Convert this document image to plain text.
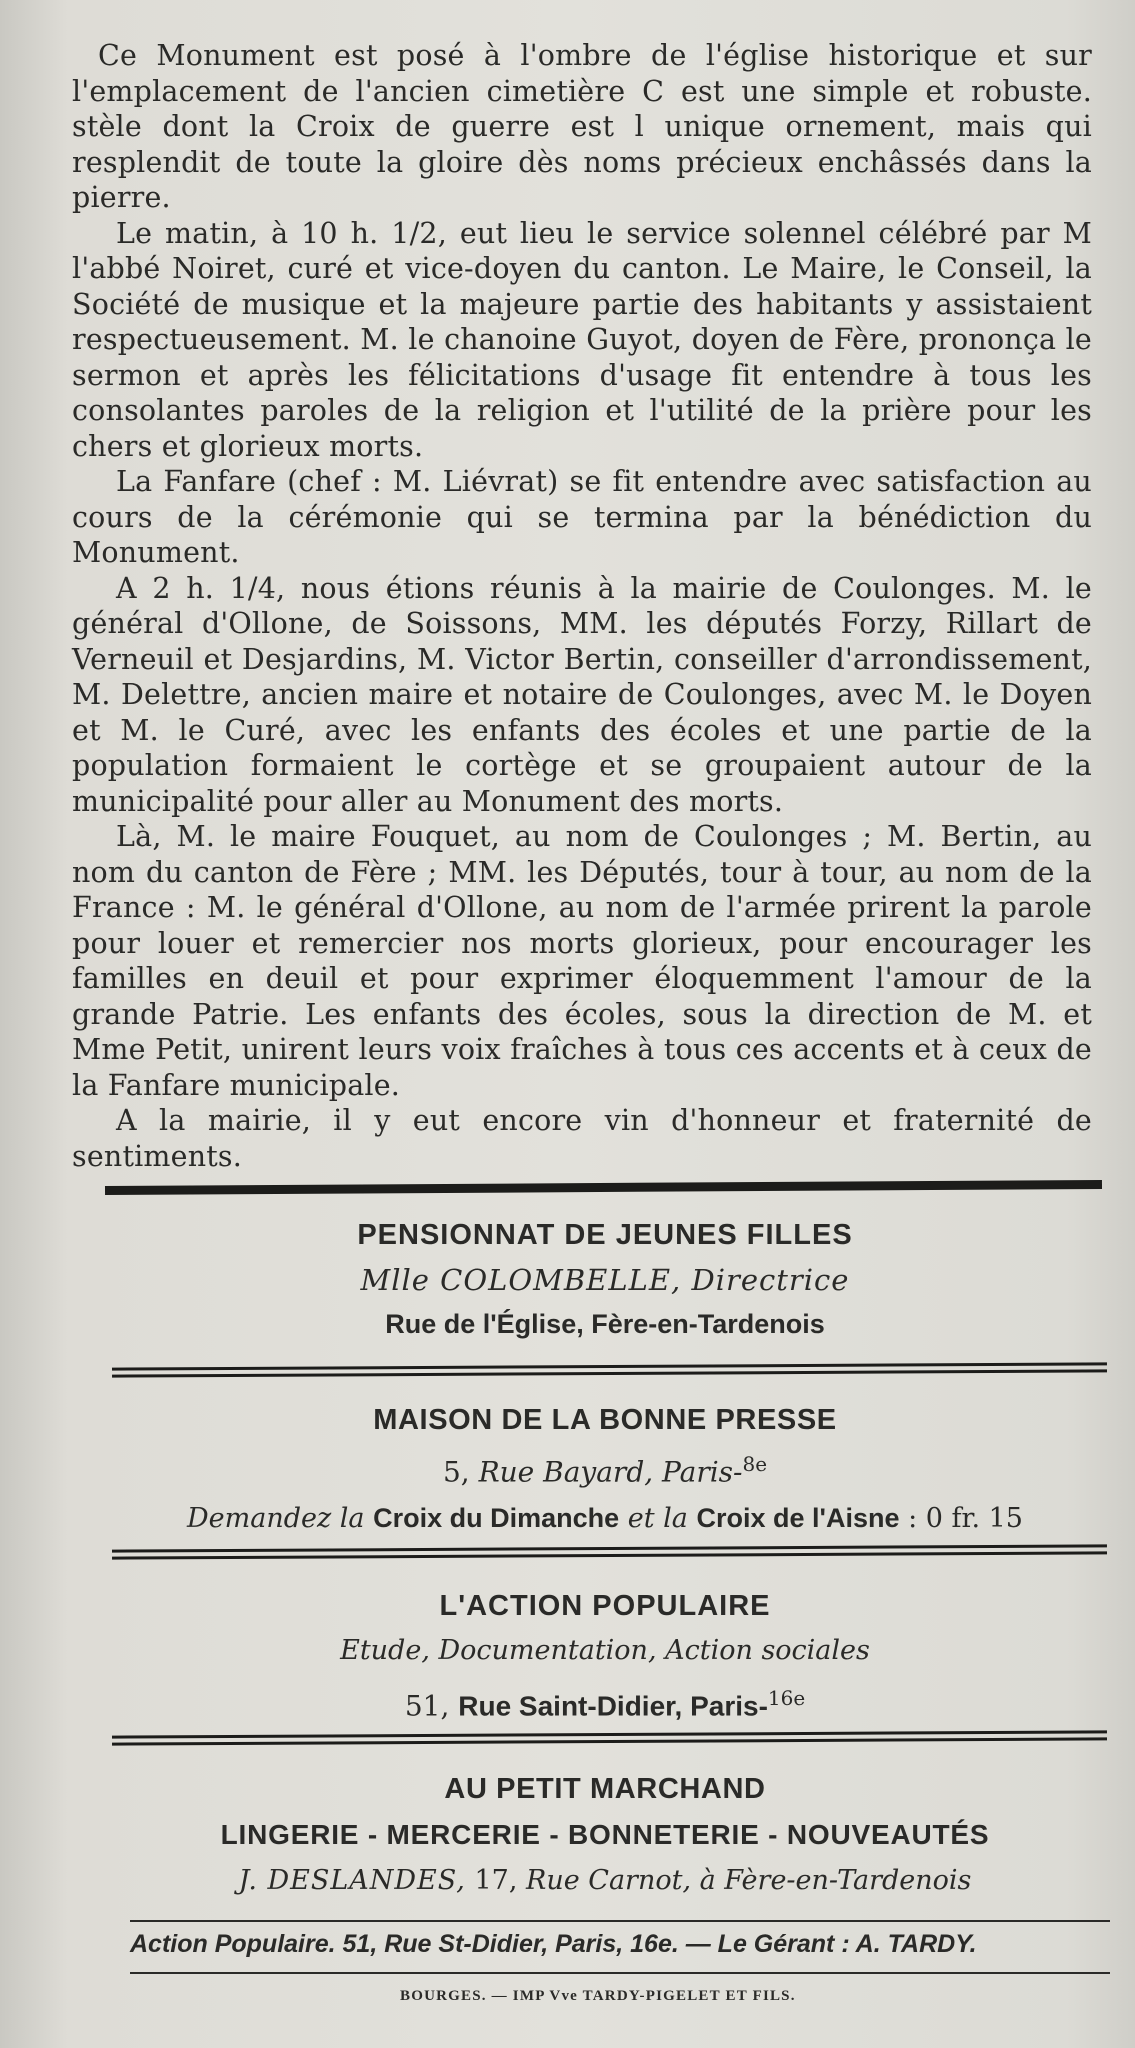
Ce Monument est posé à l'ombre de l'église historique et sur l'emplacement de l'ancien cimetière C est une simple et robuste. stèle dont la Croix de guerre est l unique ornement, mais qui resplendit de toute la gloire dès noms précieux enchâssés dans la pierre.

Le matin, à 10 h. 1/2, eut lieu le service solennel célébré par M l'abbé Noiret, curé et vice-doyen du canton. Le Maire, le Conseil, la Société de musique et la majeure partie des habitants y assistaient respectueusement. M. le chanoine Guyot, doyen de Fère, prononça le sermon et après les félicitations d'usage fit entendre à tous les consolantes paroles de la religion et l'utilité de la prière pour les chers et glorieux morts.

La Fanfare (chef : M. Liévrat) se fit entendre avec satisfaction au cours de la cérémonie qui se termina par la bénédiction du Monument.

A 2 h. 1/4, nous étions réunis à la mairie de Coulonges. M. le général d'Ollone, de Soissons, MM. les députés Forzy, Rillart de Verneuil et Desjardins, M. Victor Bertin, conseiller d'arrondissement, M. Delettre, ancien maire et notaire de Coulonges, avec M. le Doyen et M. le Curé, avec les enfants des écoles et une partie de la population formaient le cortège et se groupaient autour de la municipalité pour aller au Monument des morts.

Là, M. le maire Fouquet, au nom de Coulonges ; M. Bertin, au nom du canton de Fère ; MM. les Députés, tour à tour, au nom de la France : M. le général d'Ollone, au nom de l'armée prirent la parole pour louer et remercier nos morts glorieux, pour encourager les familles en deuil et pour exprimer éloquemment l'amour de la grande Patrie. Les enfants des écoles, sous la direction de M. et Mme Petit, unirent leurs voix fraîches à tous ces accents et à ceux de la Fanfare municipale.

A la mairie, il y eut encore vin d'honneur et fraternité de sentiments.

PENSIONNAT DE JEUNES FILLES
Mlle COLOMBELLE, Directrice
Rue de l'Église, Fère-en-Tardenois
MAISON DE LA BONNE PRESSE
5, Rue Bayard, Paris-$^{8e}$
Demandez la Croix du Dimanche et la Croix de l'Aisne : 0 fr. 15
L'ACTION POPULAIRE
Etude, Documentation, Action sociales
51, Rue Saint-Didier, Paris-$^{16e}$
AU PETIT MARCHAND
LINGERIE - MERCERIE - BONNETERIE - NOUVEAUTÉS
J. DESLANDES, 17, Rue Carnot, à Fère-en-Tardenois
Action Populaire. 51, Rue St-Didier, Paris, 16e. — Le Gérant : A. TARDY.
BOURGES. — IMP Vve TARDY-PIGELET ET FILS.
